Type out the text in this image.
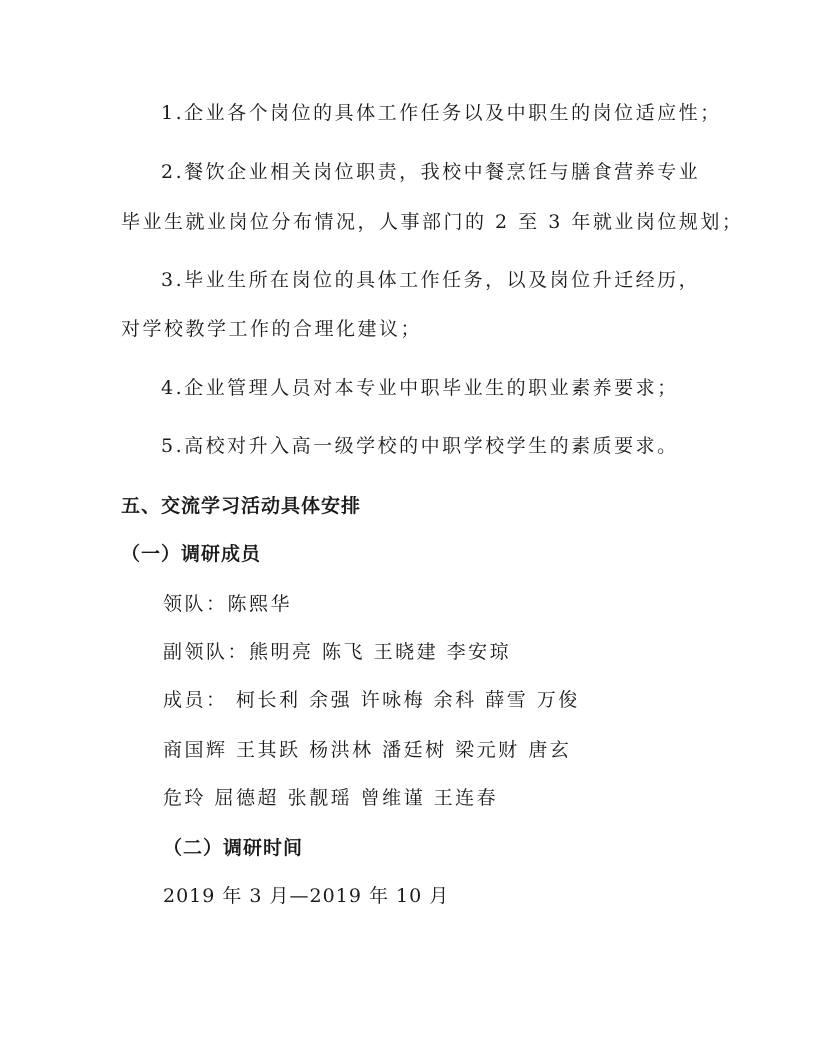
1.企业各个岗位的具体工作任务以及中职生的岗位适应性；
2.餐饮企业相关岗位职责，我校中餐烹饪与膳食营养专业
毕业生就业岗位分布情况，人事部门的 2 至 3 年就业岗位规划；
3.毕业生所在岗位的具体工作任务，以及岗位升迁经历，
对学校教学工作的合理化建议；
4.企业管理人员对本专业中职毕业生的职业素养要求；
5.高校对升入高一级学校的中职学校学生的素质要求。
五、交流学习活动具体安排
（一）调研成员
领队：陈熙华
副领队：熊明亮 陈飞 王晓建 李安琼
成员： 柯长利 余强 许咏梅 余科 薛雪 万俊
商国辉 王其跃 杨洪林 潘廷树 梁元财 唐玄
危玲 屈德超 张靓瑶 曾维谨 王连春
（二）调研时间
2019 年 3 月—2019 年 10 月
